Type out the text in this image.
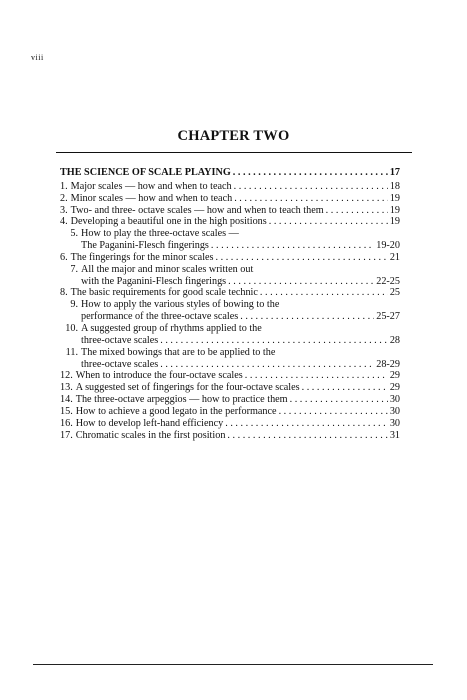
viii
CHAPTER TWO
THE SCIENCE OF SCALE PLAYING . . .	17
1. Major scales — how and when to teach . . .	18
2. Minor scales — how and when to teach . . .	19
3. Two- and three- octave scales — how and when to teach them . . .	19
4. Developing a beautiful one in the high positions . . .	19
5. How to play the three-octave scales —
The Paganini-Flesch fingerings . . .	19-20
6. The fingerings for the minor scales . . .	21
7. All the major and minor scales written out
with the Paganini-Flesch fingerings . . .	22-25
8. The basic requirements for good scale technic . . .	25
9. How to apply the various styles of bowing to the
performance of the three-octave scales . . .	25-27
10. A suggested group of rhythms applied to the
three-octave scales . . .	28
11. The mixed bowings that are to be applied to the
three-octave scales . . .	28-29
12. When to introduce the four-octave scales . . .	29
13. A suggested set of fingerings for the four-octave scales . . .	29
14. The three-octave arpeggios — how to practice them . . .	30
15. How to achieve a good legato in the performance . . .	30
16. How to develop left-hand efficiency . . .	30
17. Chromatic scales in the first position . . .	31
